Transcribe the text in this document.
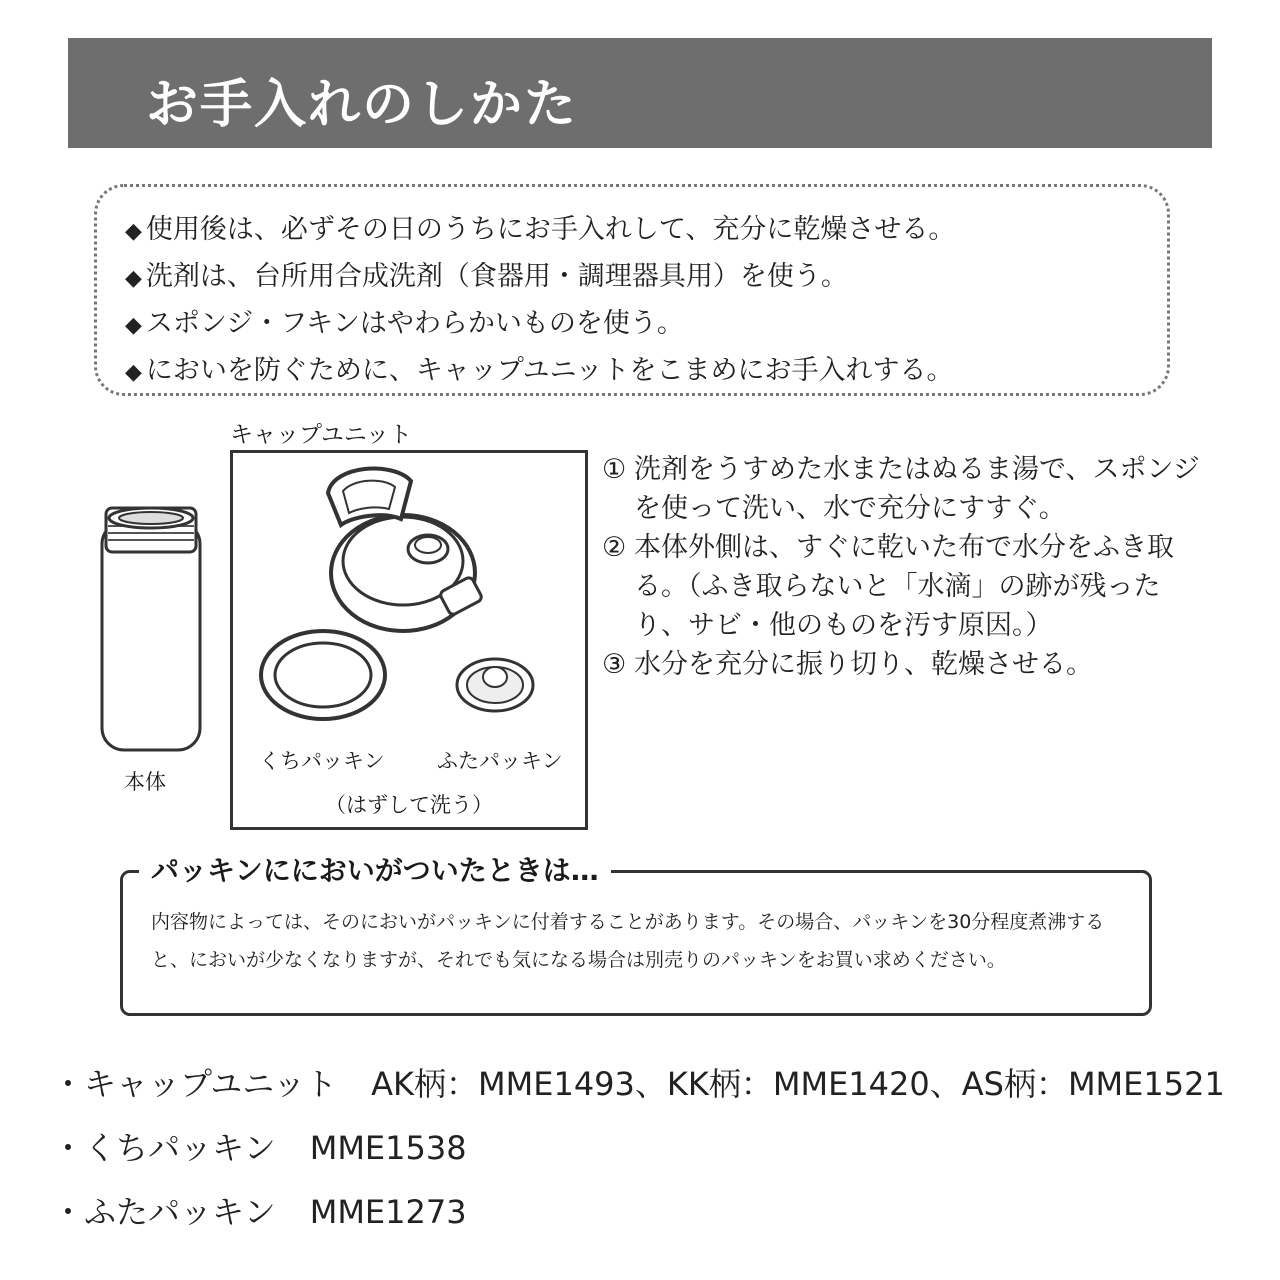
お手入れのしかた
◆ 使用後は、必ずその日のうちにお手入れして、充分に乾燥させる。
◆ 洗剤は、台所用合成洗剤（食器用・調理器具用）を使う。
◆ スポンジ・フキンはやわらかいものを使う。
◆ においを防ぐために、キャップユニットをこまめにお手入れする。
本体
キャップユニット
くちパッキン ふたパッキン
（はずして洗う）
① 洗剤をうすめた水またはぬるま湯で、スポンジを使って洗い、水で充分にすすぐ。
② 本体外側は、すぐに乾いた布で水分をふき取る。（ふき取らないと「水滴」の跡が残ったり、サビ・他のものを汚す原因。）
③ 水分を充分に振り切り、乾燥させる。
パッキンににおいがついたときは…
内容物によっては、そのにおいがパッキンに付着することがあります。その場合、パッキンを30分程度煮沸すると、においが少なくなりますが、それでも気になる場合は別売りのパッキンをお買い求めください。
・キャップユニット AK柄：MME1493、KK柄：MME1420、AS柄：MME1521
・くちパッキン MME1538
・ふたパッキン MME1273
